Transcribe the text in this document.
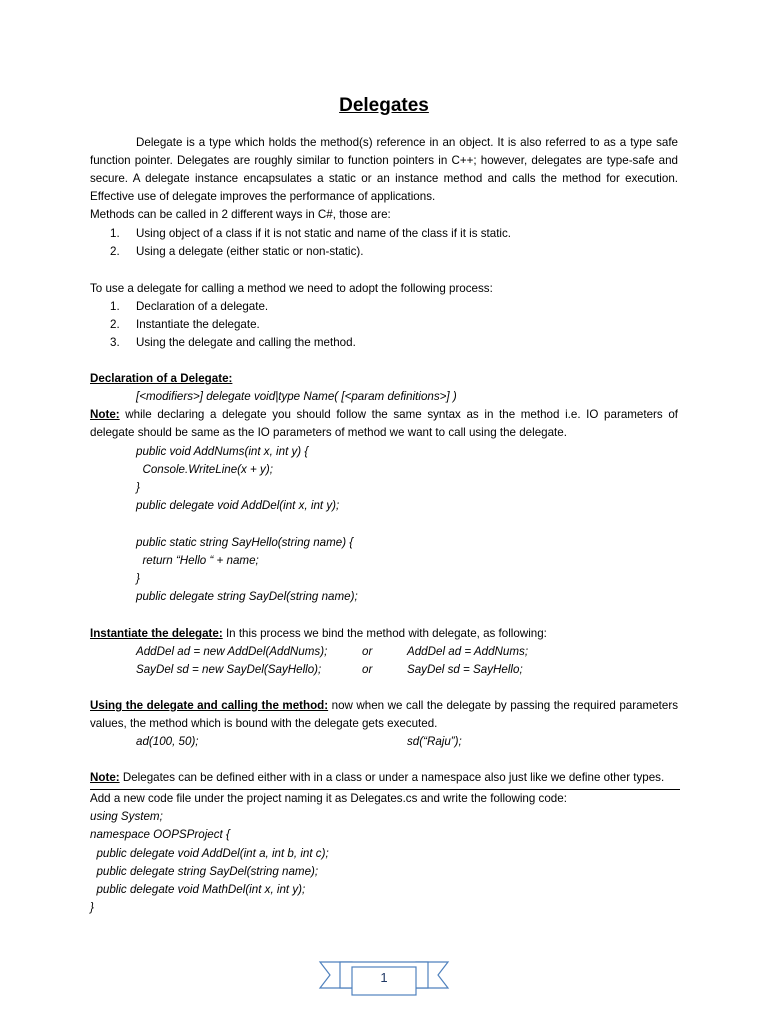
Delegates
Delegate is a type which holds the method(s) reference in an object. It is also referred to as a type safe
function pointer. Delegates are roughly similar to function pointers in C++; however, delegates are type-safe and
secure. A delegate instance encapsulates a static or an instance method and calls the method for execution.
Effective use of delegate improves the performance of applications.
Methods can be called in 2 different ways in C#, those are:
1. Using object of a class if it is not static and name of the class if it is static.
2. Using a delegate (either static or non-static).
To use a delegate for calling a method we need to adopt the following process:
1. Declaration of a delegate.
2. Instantiate the delegate.
3. Using the delegate and calling the method.
Declaration of a Delegate:
[<modifiers>] delegate void|type Name( [<param definitions>] )
Note: while declaring a delegate you should follow the same syntax as in the method i.e. IO parameters of
delegate should be same as the IO parameters of method we want to call using the delegate.
public void AddNums(int x, int y) {
Console.WriteLine(x + y);
}
public delegate void AddDel(int x, int y);
public static string SayHello(string name) {
return “Hello “ + name;
}
public delegate string SayDel(string name);
Instantiate the delegate: In this process we bind the method with delegate, as following:
AddDel ad = new AddDel(AddNums);	or	AddDel ad = AddNums;
SayDel sd = new SayDel(SayHello);	or	SayDel sd = SayHello;
Using the delegate and calling the method: now when we call the delegate by passing the required parameters
values, the method which is bound with the delegate gets executed.
ad(100, 50);	sd(“Raju”);
Note: Delegates can be defined either with in a class or under a namespace also just like we define other types.
Add a new code file under the project naming it as Delegates.cs and write the following code:
using System;
namespace OOPSProject {
public delegate void AddDel(int a, int b, int c);
public delegate string SayDel(string name);
public delegate void MathDel(int x, int y);
}
1
